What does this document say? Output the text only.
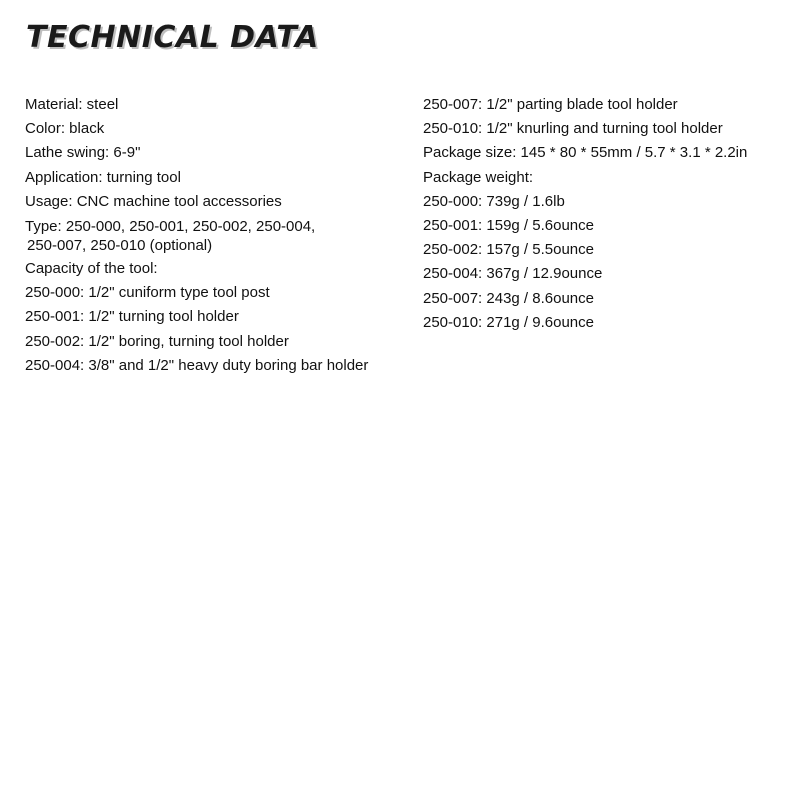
TECHNICAL DATA
Material: steel
Color: black
Lathe swing: 6-9"
Application: turning tool
Usage: CNC machine tool accessories
Type: 250-000, 250-001, 250-002, 250-004,
250-007, 250-010 (optional)
Capacity of the tool:
250-000: 1/2" cuniform type tool post
250-001: 1/2" turning tool holder
250-002: 1/2" boring, turning tool holder
250-004: 3/8" and 1/2" heavy duty boring bar holder
250-007: 1/2" parting blade tool holder
250-010: 1/2" knurling and turning tool holder
Package size: 145 * 80 * 55mm / 5.7 * 3.1 * 2.2in
Package weight:
250-000: 739g / 1.6lb
250-001: 159g / 5.6ounce
250-002: 157g / 5.5ounce
250-004: 367g / 12.9ounce
250-007: 243g / 8.6ounce
250-010: 271g / 9.6ounce
